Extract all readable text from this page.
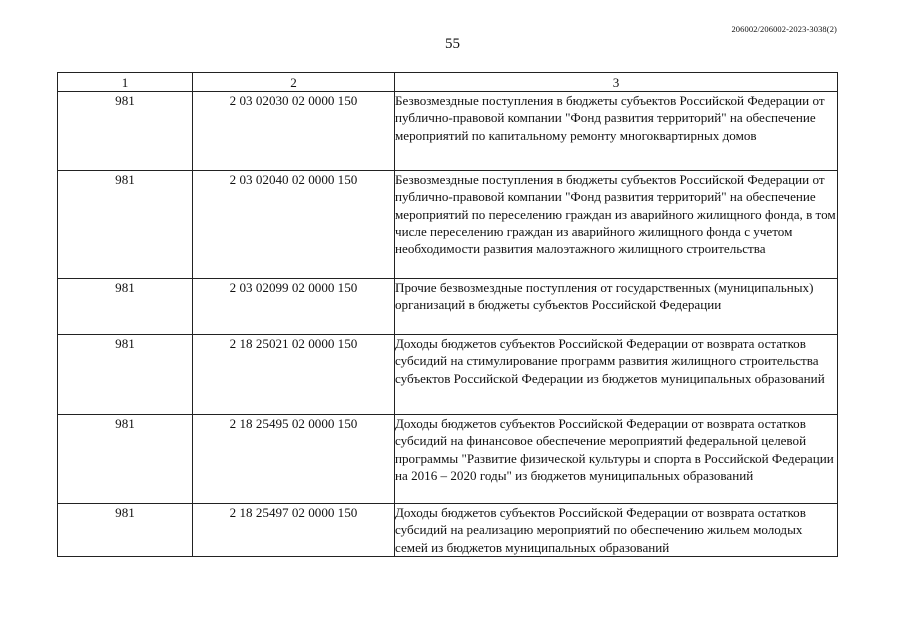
206002/206002-2023-3038(2)
55
1	2	3
981	2 03 02030 02 0000 150	Безвозмездные поступления в бюджеты субъектов Российской Федерации от публично-правовой компании "Фонд развития территорий" на обеспечение мероприятий по капитальному ремонту многоквартирных домов
981	2 03 02040 02 0000 150	Безвозмездные поступления в бюджеты субъектов Российской Федерации от публично-правовой компании "Фонд развития территорий" на обеспечение мероприятий по переселению граждан из аварийного жилищного фонда, в том числе переселению граждан из аварийного жилищного фонда с учетом необходимости развития малоэтажного жилищного строительства
981	2 03 02099 02 0000 150	Прочие безвозмездные поступления от государственных (муниципальных) организаций в бюджеты субъектов Российской Федерации
981	2 18 25021 02 0000 150	Доходы бюджетов субъектов Российской Федерации от возврата остатков субсидий на стимулирование программ развития жилищного строительства субъектов Российской Федерации из бюджетов муниципальных образований
981	2 18 25495 02 0000 150	Доходы бюджетов субъектов Российской Федерации от возврата остатков субсидий на финансовое обеспечение мероприятий федеральной целевой программы "Развитие физической культуры и спорта в Российской Федерации на 2016 – 2020 годы" из бюджетов муниципальных образований
981	2 18 25497 02 0000 150	Доходы бюджетов субъектов Российской Федерации от возврата остатков субсидий на реализацию мероприятий по обеспечению жильем молодых семей из бюджетов муниципальных образований
